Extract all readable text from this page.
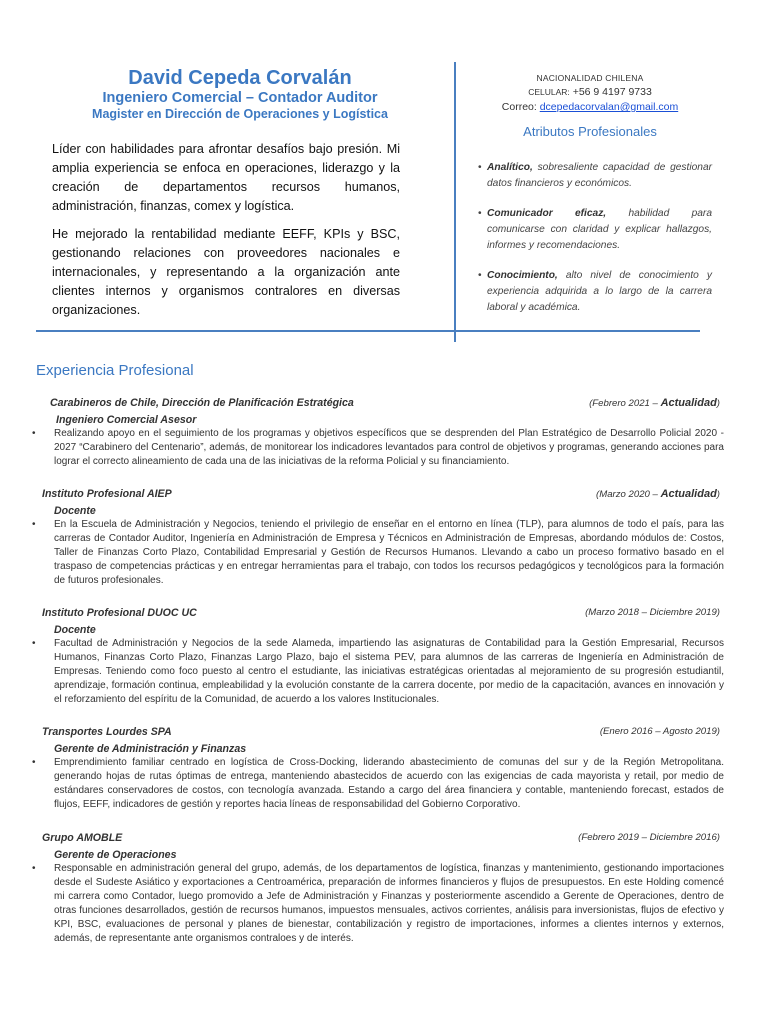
David Cepeda Corvalán
Ingeniero Comercial – Contador Auditor
Magister en Dirección de Operaciones y Logística

Líder con habilidades para afrontar desafíos bajo presión. Mi amplia experiencia se enfoca en operaciones, liderazgo y la creación de departamentos recursos humanos, administración, finanzas, comex y logística.

He mejorado la rentabilidad mediante EEFF, KPIs y BSC, gestionando relaciones con proveedores nacionales e internacionales, y representando a la organización ante clientes internos y organismos contralores en diversas organizaciones.

NACIONALIDAD CHILENA
CELULAR: +56 9 4197 9733
Correo: dcepedacorvalan@gmail.com
Atributos Profesionales
• Analítico, sobresaliente capacidad de gestionar datos financieros y económicos.
• Comunicador eficaz, habilidad para comunicarse con claridad y explicar hallazgos, informes y recomendaciones.
• Conocimiento, alto nivel de conocimiento y experiencia adquirida a lo largo de la carrera laboral y académica.
Experiencia Profesional
Carabineros de Chile, Dirección de Planificación Estratégica	(Febrero 2021 – Actualidad)
Ingeniero Comercial Asesor
• Realizando apoyo en el seguimiento de los programas y objetivos específicos que se desprenden del Plan Estratégico de Desarrollo Policial 2020 - 2027 “Carabinero del Centenario”, además, de monitorear los indicadores levantados para control de objetivos y programas, generando acciones para lograr el correcto alineamiento de cada una de las iniciativas de la reforma Policial y su financiamiento.
Instituto Profesional AIEP	(Marzo 2020 – Actualidad)
Docente
• En la Escuela de Administración y Negocios, teniendo el privilegio de enseñar en el entorno en línea (TLP), para alumnos de todo el país, para las carreras de Contador Auditor, Ingeniería en Administración de Empresa y Técnicos en Administración de Empresas, abordando módulos de: Costos, Taller de Finanzas Corto Plazo, Contabilidad Empresarial y Gestión de Recursos Humanos. Llevando a cabo un proceso formativo basado en el traspaso de competencias prácticas y en entregar herramientas para el trabajo, con todos los recursos pedagógicos y tecnológicos para la formación de futuros profesionales.
Instituto Profesional DUOC UC	(Marzo 2018 – Diciembre 2019)
Docente
• Facultad de Administración y Negocios de la sede Alameda, impartiendo las asignaturas de Contabilidad para la Gestión Empresarial, Recursos Humanos, Finanzas Corto Plazo, Finanzas Largo Plazo, bajo el sistema PEV, para alumnos de las carreras de Ingeniería en Administración de Empresas. Teniendo como foco puesto al centro el estudiante, las iniciativas estratégicas orientadas al mejoramiento de su progresión estudiantil, aprendizaje, formación continua, empleabilidad y la evolución constante de la carrera docente, por medio de la capacitación, avances en innovación y el reforzamiento del espíritu de la Comunidad, de acuerdo a los valores Institucionales.
Transportes Lourdes SPA	(Enero 2016 – Agosto 2019)
Gerente de Administración y Finanzas
• Emprendimiento familiar centrado en logística de Cross-Docking, liderando abastecimiento de comunas del sur y de la Región Metropolitana. generando hojas de rutas óptimas de entrega, manteniendo abastecidos de acuerdo con las exigencias de cada mayorista y retail, por medio de estándares conservadores de costos, con tecnología avanzada. Estando a cargo del área financiera y contable, manteniendo forecast, estados de flujos, EEFF, indicadores de gestión y reportes hacia líneas de responsabilidad del Gobierno Corporativo.
Grupo AMOBLE	(Febrero 2019 – Diciembre 2016)
Gerente de Operaciones
• Responsable en administración general del grupo, además, de los departamentos de logística, finanzas y mantenimiento, gestionando importaciones desde el Sudeste Asiático y exportaciones a Centroamérica, preparación de informes financieros y flujos de presupuestos. En este Holding comencé mi carrera como Contador, luego promovido a Jefe de Administración y Finanzas y posteriormente ascendido a Gerente de Operaciones, dentro de otras funciones desarrollados, gestión de recursos humanos, impuestos mensuales, activos corrientes, análisis para inversionistas, flujos de efectivo y KPI, BSC, evaluaciones de personal y planes de bienestar, contabilización y registro de importaciones, informes a clientes internos y externos, además, de representante ante organismos contraloes y de interés.
